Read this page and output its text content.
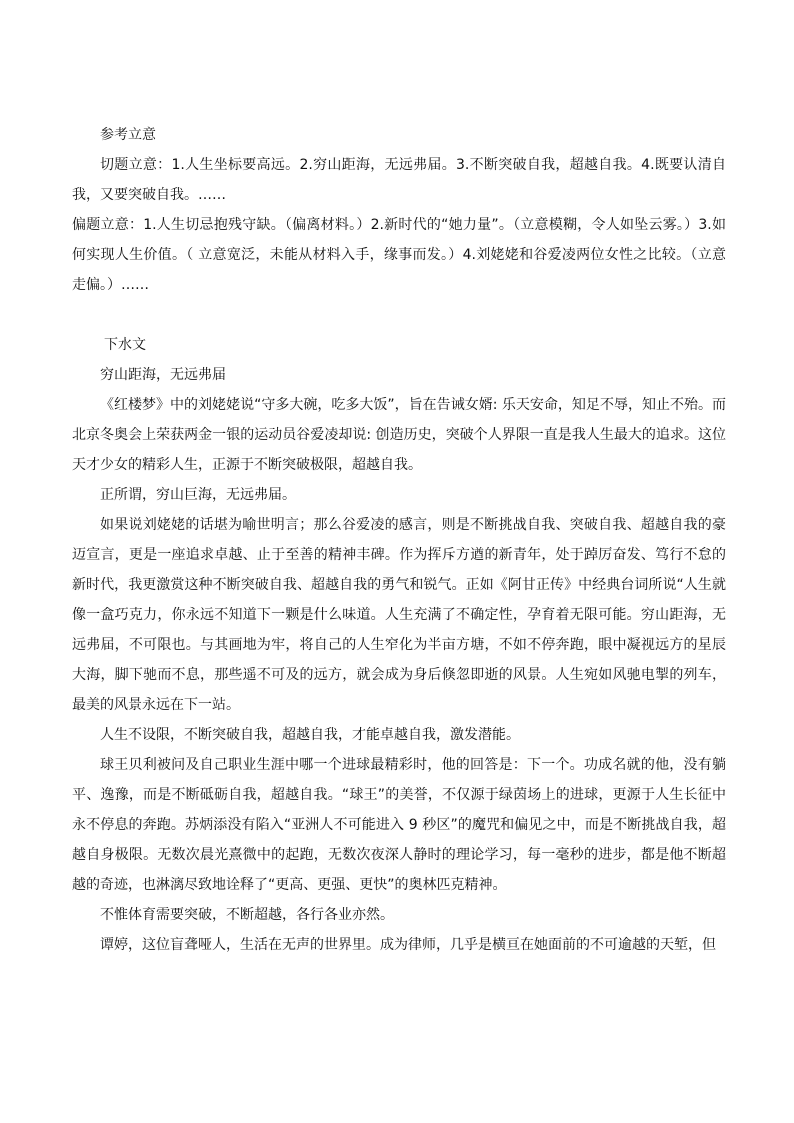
参考立意

切题立意：1.人生坐标要高远。2.穷山距海，无远弗届。3.不断突破自我，超越自我。4.既要认清自我，又要突破自我。……

偏题立意：1.人生切忌抱残守缺。（偏离材料。）2.新时代的“她力量”。（立意模糊，令人如坠云雾。）3.如何实现人生价值。（ 立意宽泛，未能从材料入手，缘事而发。）4.刘姥姥和谷爱凌两位女性之比较。（立意走偏。）……

下水文

穷山距海，无远弗届

《红楼梦》中的刘姥姥说“守多大碗，吃多大饭”，旨在告诫女婿: 乐天安命，知足不辱，知止不殆。而北京冬奥会上荣获两金一银的运动员谷爱凌却说: 创造历史，突破个人界限一直是我人生最大的追求。这位天才少女的精彩人生，正源于不断突破极限，超越自我。

正所谓，穷山巨海，无远弗届。

如果说刘姥姥的话堪为喻世明言；那么谷爱凌的感言，则是不断挑战自我、突破自我、超越自我的豪迈宣言，更是一座追求卓越、止于至善的精神丰碑。作为挥斥方遒的新青年，处于踔厉奋发、笃行不怠的新时代，我更激赏这种不断突破自我、超越自我的勇气和锐气。正如《阿甘正传》中经典台词所说“人生就像一盒巧克力，你永远不知道下一颗是什么味道。人生充满了不确定性，孕育着无限可能。穷山距海，无远弗届，不可限也。与其画地为牢，将自己的人生窄化为半亩方塘，不如不停奔跑，眼中凝视远方的星辰大海，脚下驰而不息，那些遥不可及的远方，就会成为身后倏忽即逝的风景。人生宛如风驰电掣的列车，最美的风景永远在下一站。

人生不设限，不断突破自我，超越自我，才能卓越自我，激发潜能。

球王贝利被问及自己职业生涯中哪一个进球最精彩时，他的回答是：下一个。功成名就的他，没有躺平、逸豫，而是不断砥砺自我，超越自我。“球王”的美誉，不仅源于绿茵场上的进球，更源于人生长征中永不停息的奔跑。苏炳添没有陷入“亚洲人不可能进入 9 秒区”的魔咒和偏见之中，而是不断挑战自我，超越自身极限。无数次晨光熹微中的起跑，无数次夜深人静时的理论学习，每一毫秒的进步，都是他不断超越的奇迹，也淋漓尽致地诠释了“更高、更强、更快”的奥林匹克精神。

不惟体育需要突破，不断超越，各行各业亦然。

谭婷，这位盲聋哑人，生活在无声的世界里。成为律师，几乎是横亘在她面前的不可逾越的天堑，但
